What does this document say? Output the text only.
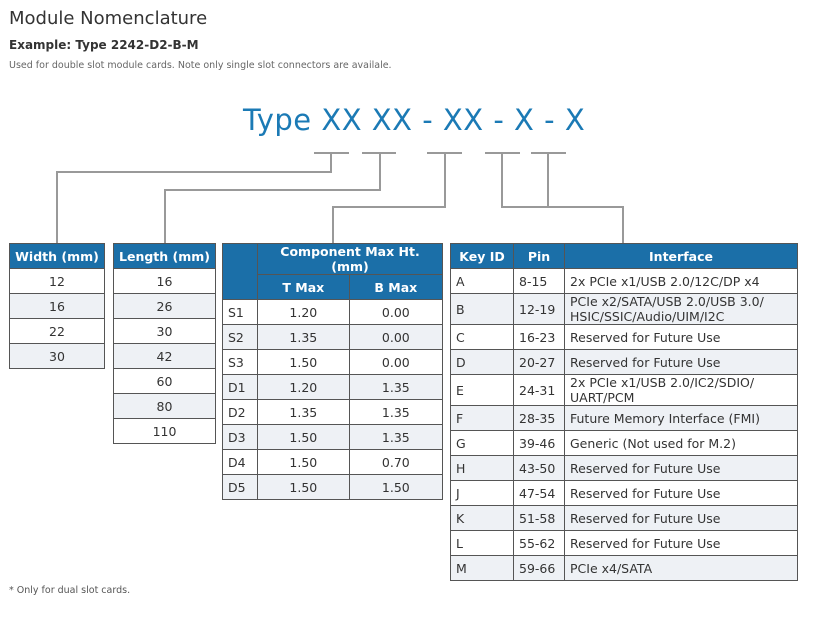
Module Nomenclature
Example: Type 2242-D2-B-M
Used for double slot module cards. Note only single slot connectors are availale.
Type XX XX - XX - X - X
Width (mm)
12
16
22
30
Length (mm)
16
26
30
42
60
80
110
	Component Max Ht. (mm)	
	T Max	B Max
S1	1.20	0.00
S2	1.35	0.00
S3	1.50	0.00
D1	1.20	1.35
D2	1.35	1.35
D3	1.50	1.35
D4	1.50	0.70
D5	1.50	1.50
Key ID	Pin	Interface
A	8-15	2x PCIe x1/USB 2.0/12C/DP x4
B	12-19	PCIe x2/SATA/USB 2.0/USB 3.0/ HSIC/SSIC/Audio/UIM/I2C
C	16-23	Reserved for Future Use
D	20-27	Reserved for Future Use
E	24-31	2x PCIe x1/USB 2.0/IC2/SDIO/ UART/PCM
F	28-35	Future Memory Interface (FMI)
G	39-46	Generic (Not used for M.2)
H	43-50	Reserved for Future Use
J	47-54	Reserved for Future Use
K	51-58	Reserved for Future Use
L	55-62	Reserved for Future Use
M	59-66	PCIe x4/SATA
* Only for dual slot cards.
